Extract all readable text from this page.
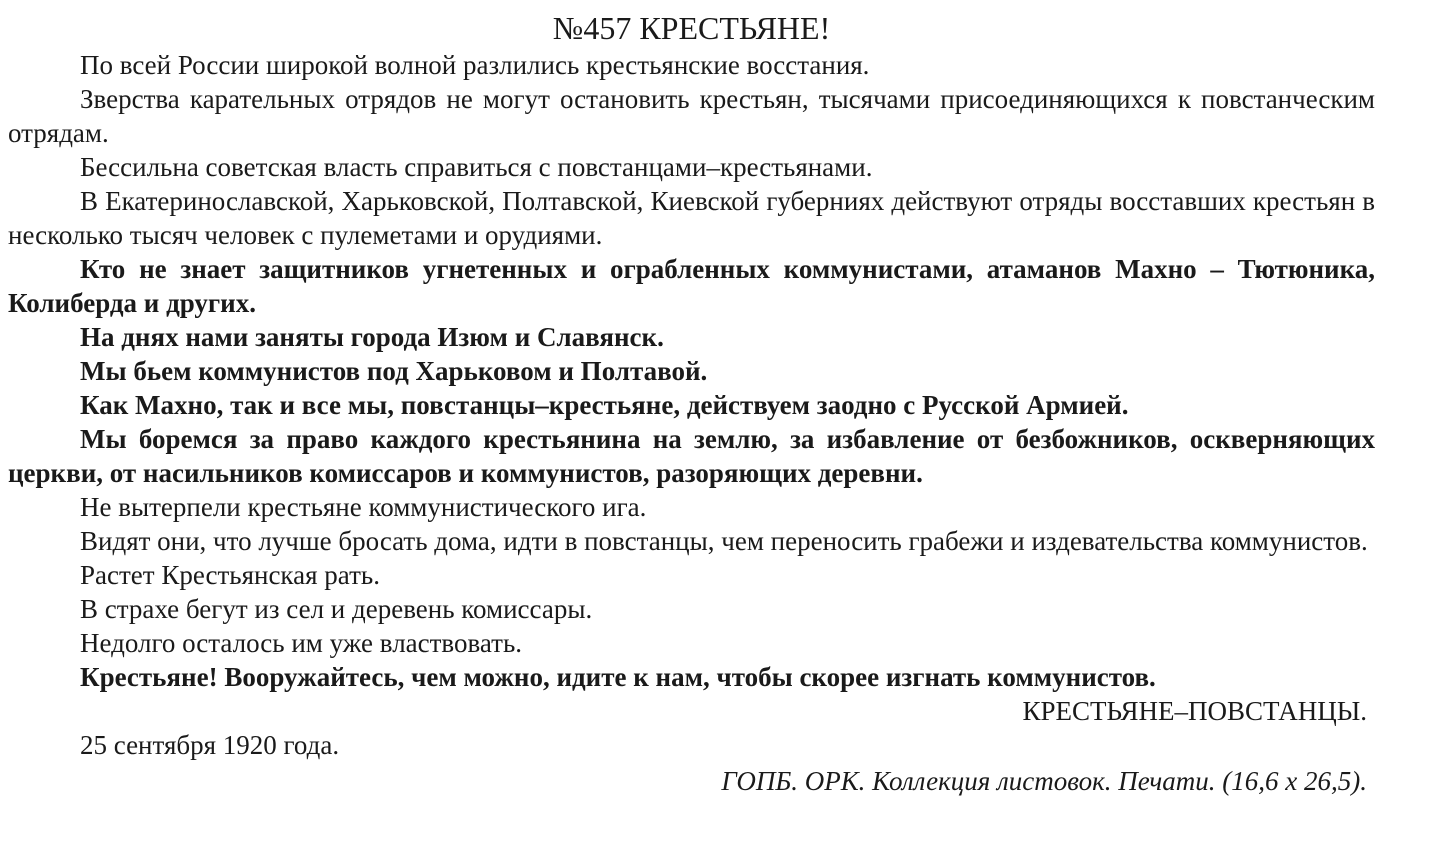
№457 КРЕСТЬЯНЕ!

По всей России широкой волной разлились крестьянские восстания.

Зверства карательных отрядов не могут остановить крестьян, тысячами присоединяющихся к повстанческим отрядам.

Бессильна советская власть справиться с повстанцами–крестьянами.

В Екатеринославской, Харьковской, Полтавской, Киевской губерниях действуют отряды восставших крестьян в несколько тысяч человек с пулеметами и орудиями.

Кто не знает защитников угнетенных и ограбленных коммунистами, атаманов Махно – Тютюника, Колиберда и других.

На днях нами заняты города Изюм и Славянск.

Мы бьем коммунистов под Харьковом и Полтавой.

Как Махно, так и все мы, повстанцы–крестьяне, действуем заодно с Русской Армией.

Мы боремся за право каждого крестьянина на землю, за избавление от безбожников, оскверняющих церкви, от насильников комиссаров и коммунистов, разоряющих деревни.

Не вытерпели крестьяне коммунистического ига.

Видят они, что лучше бросать дома, идти в повстанцы, чем переносить грабежи и издевательства коммунистов.

Растет Крестьянская рать.

В страхе бегут из сел и деревень комиссары.

Недолго осталось им уже властвовать.

Крестьяне! Вооружайтесь, чем можно, идите к нам, чтобы скорее изгнать коммунистов.

КРЕСТЬЯНЕ–ПОВСТАНЦЫ.

25 сентября 1920 года.

ГОПБ. ОРК. Коллекция листовок. Печати. (16,6 х 26,5).
